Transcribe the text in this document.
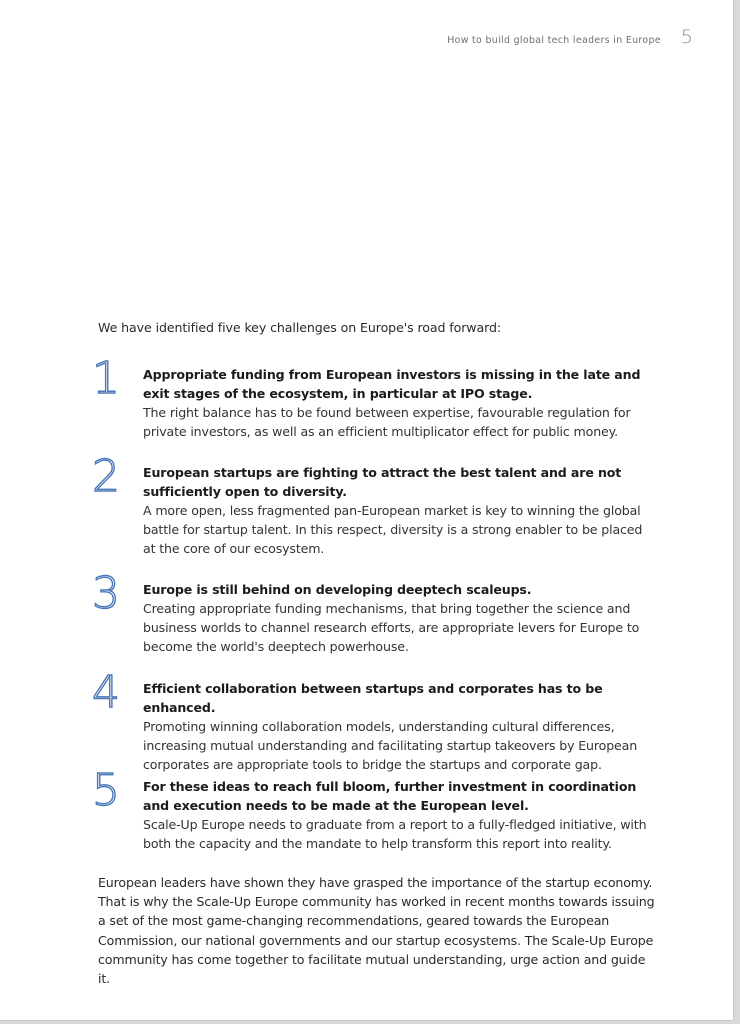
How to build global tech leaders in Europe 5

We have identified five key challenges on Europe's road forward:

1	Appropriate funding from European investors is missing in the late and exit stages of the ecosystem, in particular at IPO stage.
The right balance has to be found between expertise, favourable regulation for private investors, as well as an efficient multiplicator effect for public money.
2	European startups are fighting to attract the best talent and are not sufficiently open to diversity.
A more open, less fragmented pan-European market is key to winning the global battle for startup talent. In this respect, diversity is a strong enabler to be placed at the core of our ecosystem.
3	Europe is still behind on developing deeptech scaleups.
Creating appropriate funding mechanisms, that bring together the science and business worlds to channel research efforts, are appropriate levers for Europe to become the world's deeptech powerhouse.
4	Efficient collaboration between startups and corporates has to be enhanced.
Promoting winning collaboration models, understanding cultural differences, increasing mutual understanding and facilitating startup takeovers by European corporates are appropriate tools to bridge the startups and corporate gap.
5	For these ideas to reach full bloom, further investment in coordination and execution needs to be made at the European level.
Scale-Up Europe needs to graduate from a report to a fully-fledged initiative, with both the capacity and the mandate to help transform this report into reality.

European leaders have shown they have grasped the importance of the startup economy. That is why the Scale-Up Europe community has worked in recent months towards issuing a set of the most game-changing recommendations, geared towards the European Commission, our national governments and our startup ecosystems. The Scale-Up Europe community has come together to facilitate mutual understanding, urge action and guide it.
